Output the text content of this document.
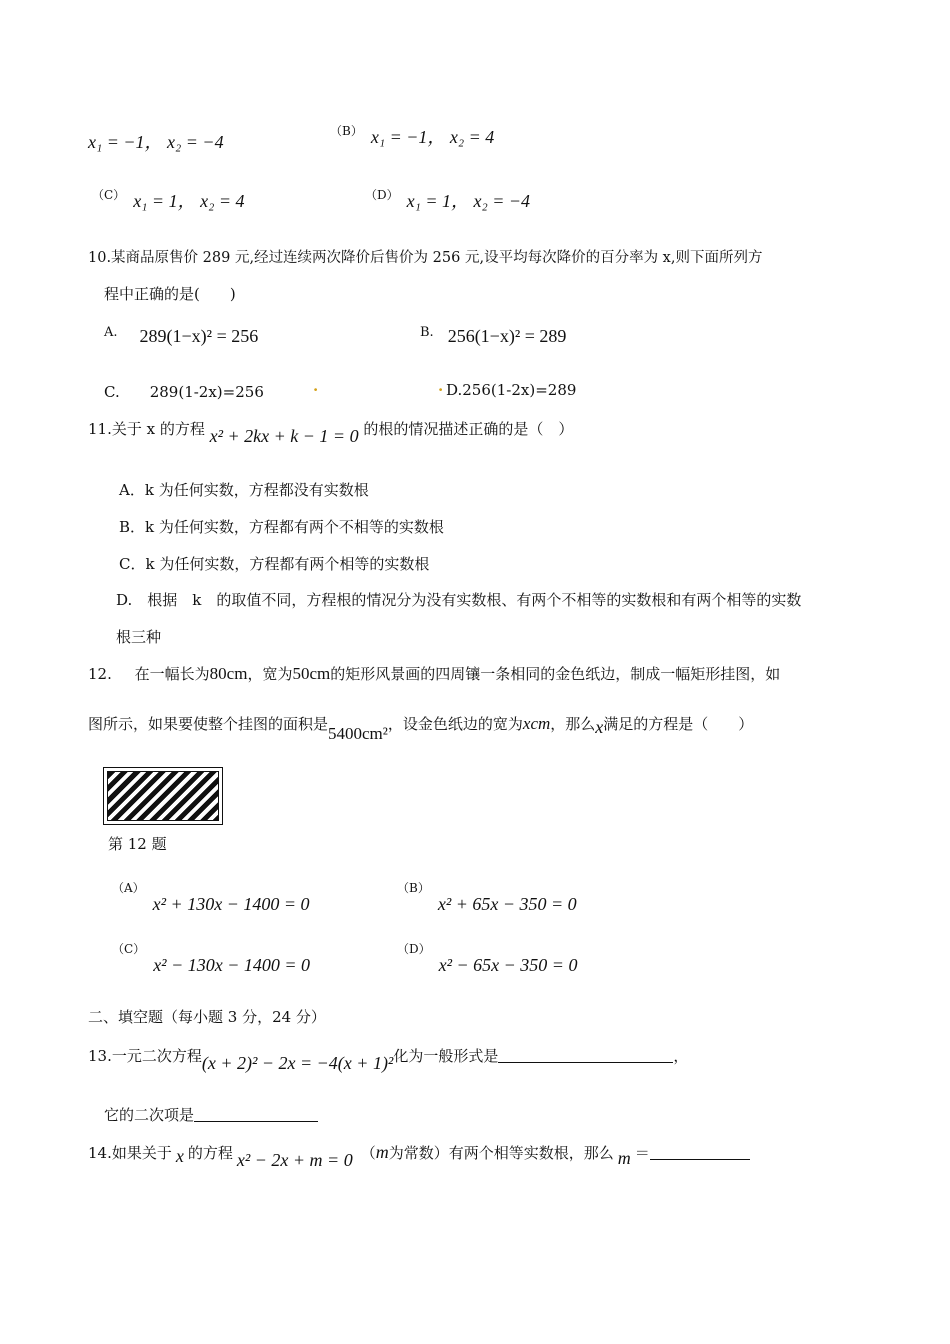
x₁ = −1， x₂ = −4
$^{(B)}$ x₁ = −1， x₂ = 4
$^{(C)}$ x₁ = 1， x₂ = 4	$^{(D)}$ x₁ = 1， x₂ = −4
10.某商品原售价 289 元,经过连续两次降价后售价为 256 元,设平均每次降价的百分率为 x,则下面所列方
程中正确的是(　　)
A. 289(1−x)² = 256	B. 256(1−x)² = 289
C.　　289(1-2x)=256	.	. D.256(1-2x)=289
11.关于 x 的方程 x² + 2kx + k − 1 = 0 的根的情况描述正确的是（　）
A．k 为任何实数，方程都没有实数根
B．k 为任何实数，方程都有两个不相等的实数根
C．k 为任何实数，方程都有两个相等的实数根
D.　根据　k　的取值不同，方程根的情况分为没有实数根、有两个不相等的实数根和有两个相等的实数
根三种
12. 在一幅长为80cm，宽为50cm的矩形风景画的四周镶一条相同的金色纸边，制成一幅矩形挂图，如
图所示，如果要使整个挂图的面积是5400cm²，设金色纸边的宽为xcm，那么x满足的方程是（　　）
第 12 题
$^{(A)}$x² + 130x − 1400 = 0
$^{(B)}$x² + 65x − 350 = 0
$^{(C)}$x² − 130x − 1400 = 0
$^{(D)}$x² − 65x − 350 = 0
二、填空题（每小题 3 分，24 分）
13.一元二次方程(x + 2)² − 2x = −4(x + 1)²化为一般形式是	，
它的二次项是
14.如果关于 x 的方程 x² − 2x + m = 0 （m为常数）有两个相等实数根，那么 m ＝
